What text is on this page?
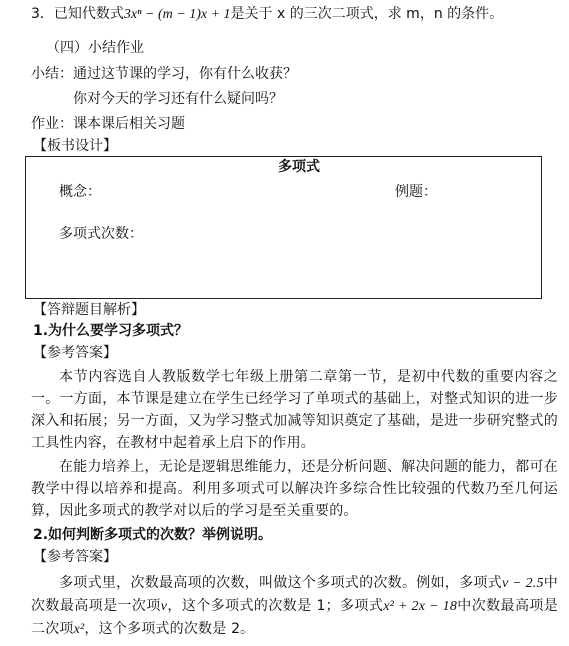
3．已知代数式3xⁿ − (m − 1)x + 1是关于 x 的三次二项式，求 m，n 的条件。
（四）小结作业
小结： 通过这节课的学习，你有什么收获？
你对今天的学习还有什么疑问吗？
作业：课本课后相关习题
【板书设计】
多项式
概念：	例题：
多项式次数：
【答辩题目解析】
1.为什么要学习多项式？
【参考答案】
本节内容选自人教版数学七年级上册第二章第一节，是初中代数的重要内容之一。一方面，本节课是建立在学生已经学习了单项式的基础上，对整式知识的进一步深入和拓展；另一方面，又为学习整式加减等知识奠定了基础，是进一步研究整式的工具性内容，在教材中起着承上启下的作用。
在能力培养上，无论是逻辑思维能力，还是分析问题、解决问题的能力，都可在教学中得以培养和提高。利用多项式可以解决许多综合性比较强的代数乃至几何运算，因此多项式的教学对以后的学习是至关重要的。
2.如何判断多项式的次数？举例说明。
【参考答案】
多项式里，次数最高项的次数，叫做这个多项式的次数。例如，多项式v − 2.5中次数最高项是一次项v，这个多项式的次数是 1；多项式x² + 2x − 18中次数最高项是二次项x²，这个多项式的次数是 2。
